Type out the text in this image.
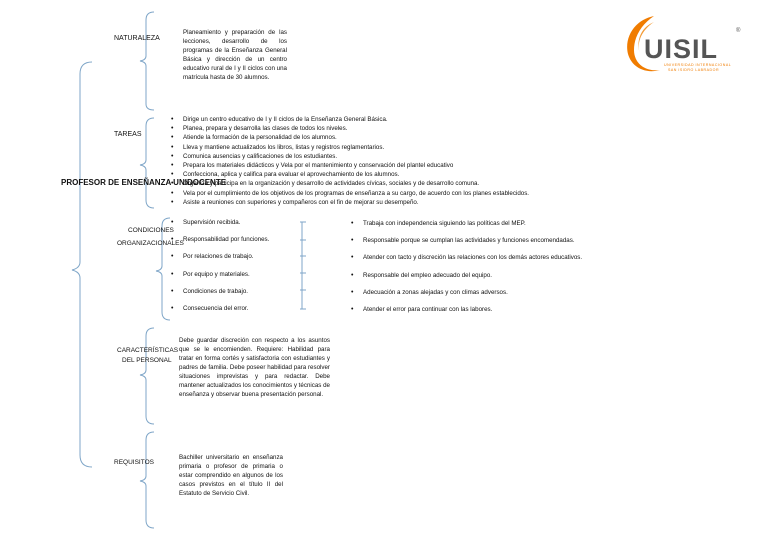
UISIL
UNIVERSIDAD INTERNACIONAL
SAN ISIDRO LABRADOR
®
PROFESOR DE ENSEÑANZA UNIDOCENTE
NATURALEZA
Planeamiento y preparación de las lecciones, desarrollo de los programas de la Enseñanza General Básica y dirección de un centro educativo rural de I y II ciclos con una matrícula hasta de 30 alumnos.
TAREAS
• Dirige un centro educativo de I y II ciclos de la Enseñanza General Básica.
• Planea, prepara y desarrolla las clases de todos los niveles.
• Atiende la formación de la personalidad de los alumnos.
• Lleva y mantiene actualizados los libros, listas y registros reglamentarios.
• Comunica ausencias y calificaciones de los estudiantes.
• Prepara los materiales didácticos y Vela por el mantenimiento y conservación del plantel educativo
• Confecciona, aplica y califica para evaluar el aprovechamiento de los alumnos.
• Organiza y participa en la organización y desarrollo de actividades cívicas, sociales y de desarrollo comuna.
• Vela por el cumplimiento de los objetivos de los programas de enseñanza a su cargo, de acuerdo con los planes establecidos.
• Asiste a reuniones con superiores y compañeros con el fin de mejorar su desempeño.
CONDICIONES
ORGANIZACIONALES
• Supervisión recibida.
• Responsabilidad por funciones.
• Por relaciones de trabajo.
• Por equipo y materiales.
• Condiciones de trabajo.
• Consecuencia del error.
• Trabaja con independencia siguiendo las políticas del MEP.
• Responsable porque se cumplan las actividades y funciones encomendadas.
• Atender con tacto y discreción las relaciones con los demás actores educativos.
• Responsable del empleo adecuado del equipo.
• Adecuación a zonas alejadas y con climas adversos.
• Atender el error para continuar con las labores.
CARACTERÍSTICAS
DEL PERSONAL
Debe guardar discreción con respecto a los asuntos que se le encomienden. Requiere: Habilidad para tratar en forma cortés y satisfactoria con estudiantes y padres de familia. Debe poseer habilidad para resolver situaciones imprevistas y para redactar. Debe mantener actualizados los conocimientos y técnicas de enseñanza y observar buena presentación personal.
REQUISITOS
Bachiller universitario en enseñanza primaria o profesor de primaria o estar comprendido en algunos de los casos previstos en el título II del Estatuto de Servicio Civil.
